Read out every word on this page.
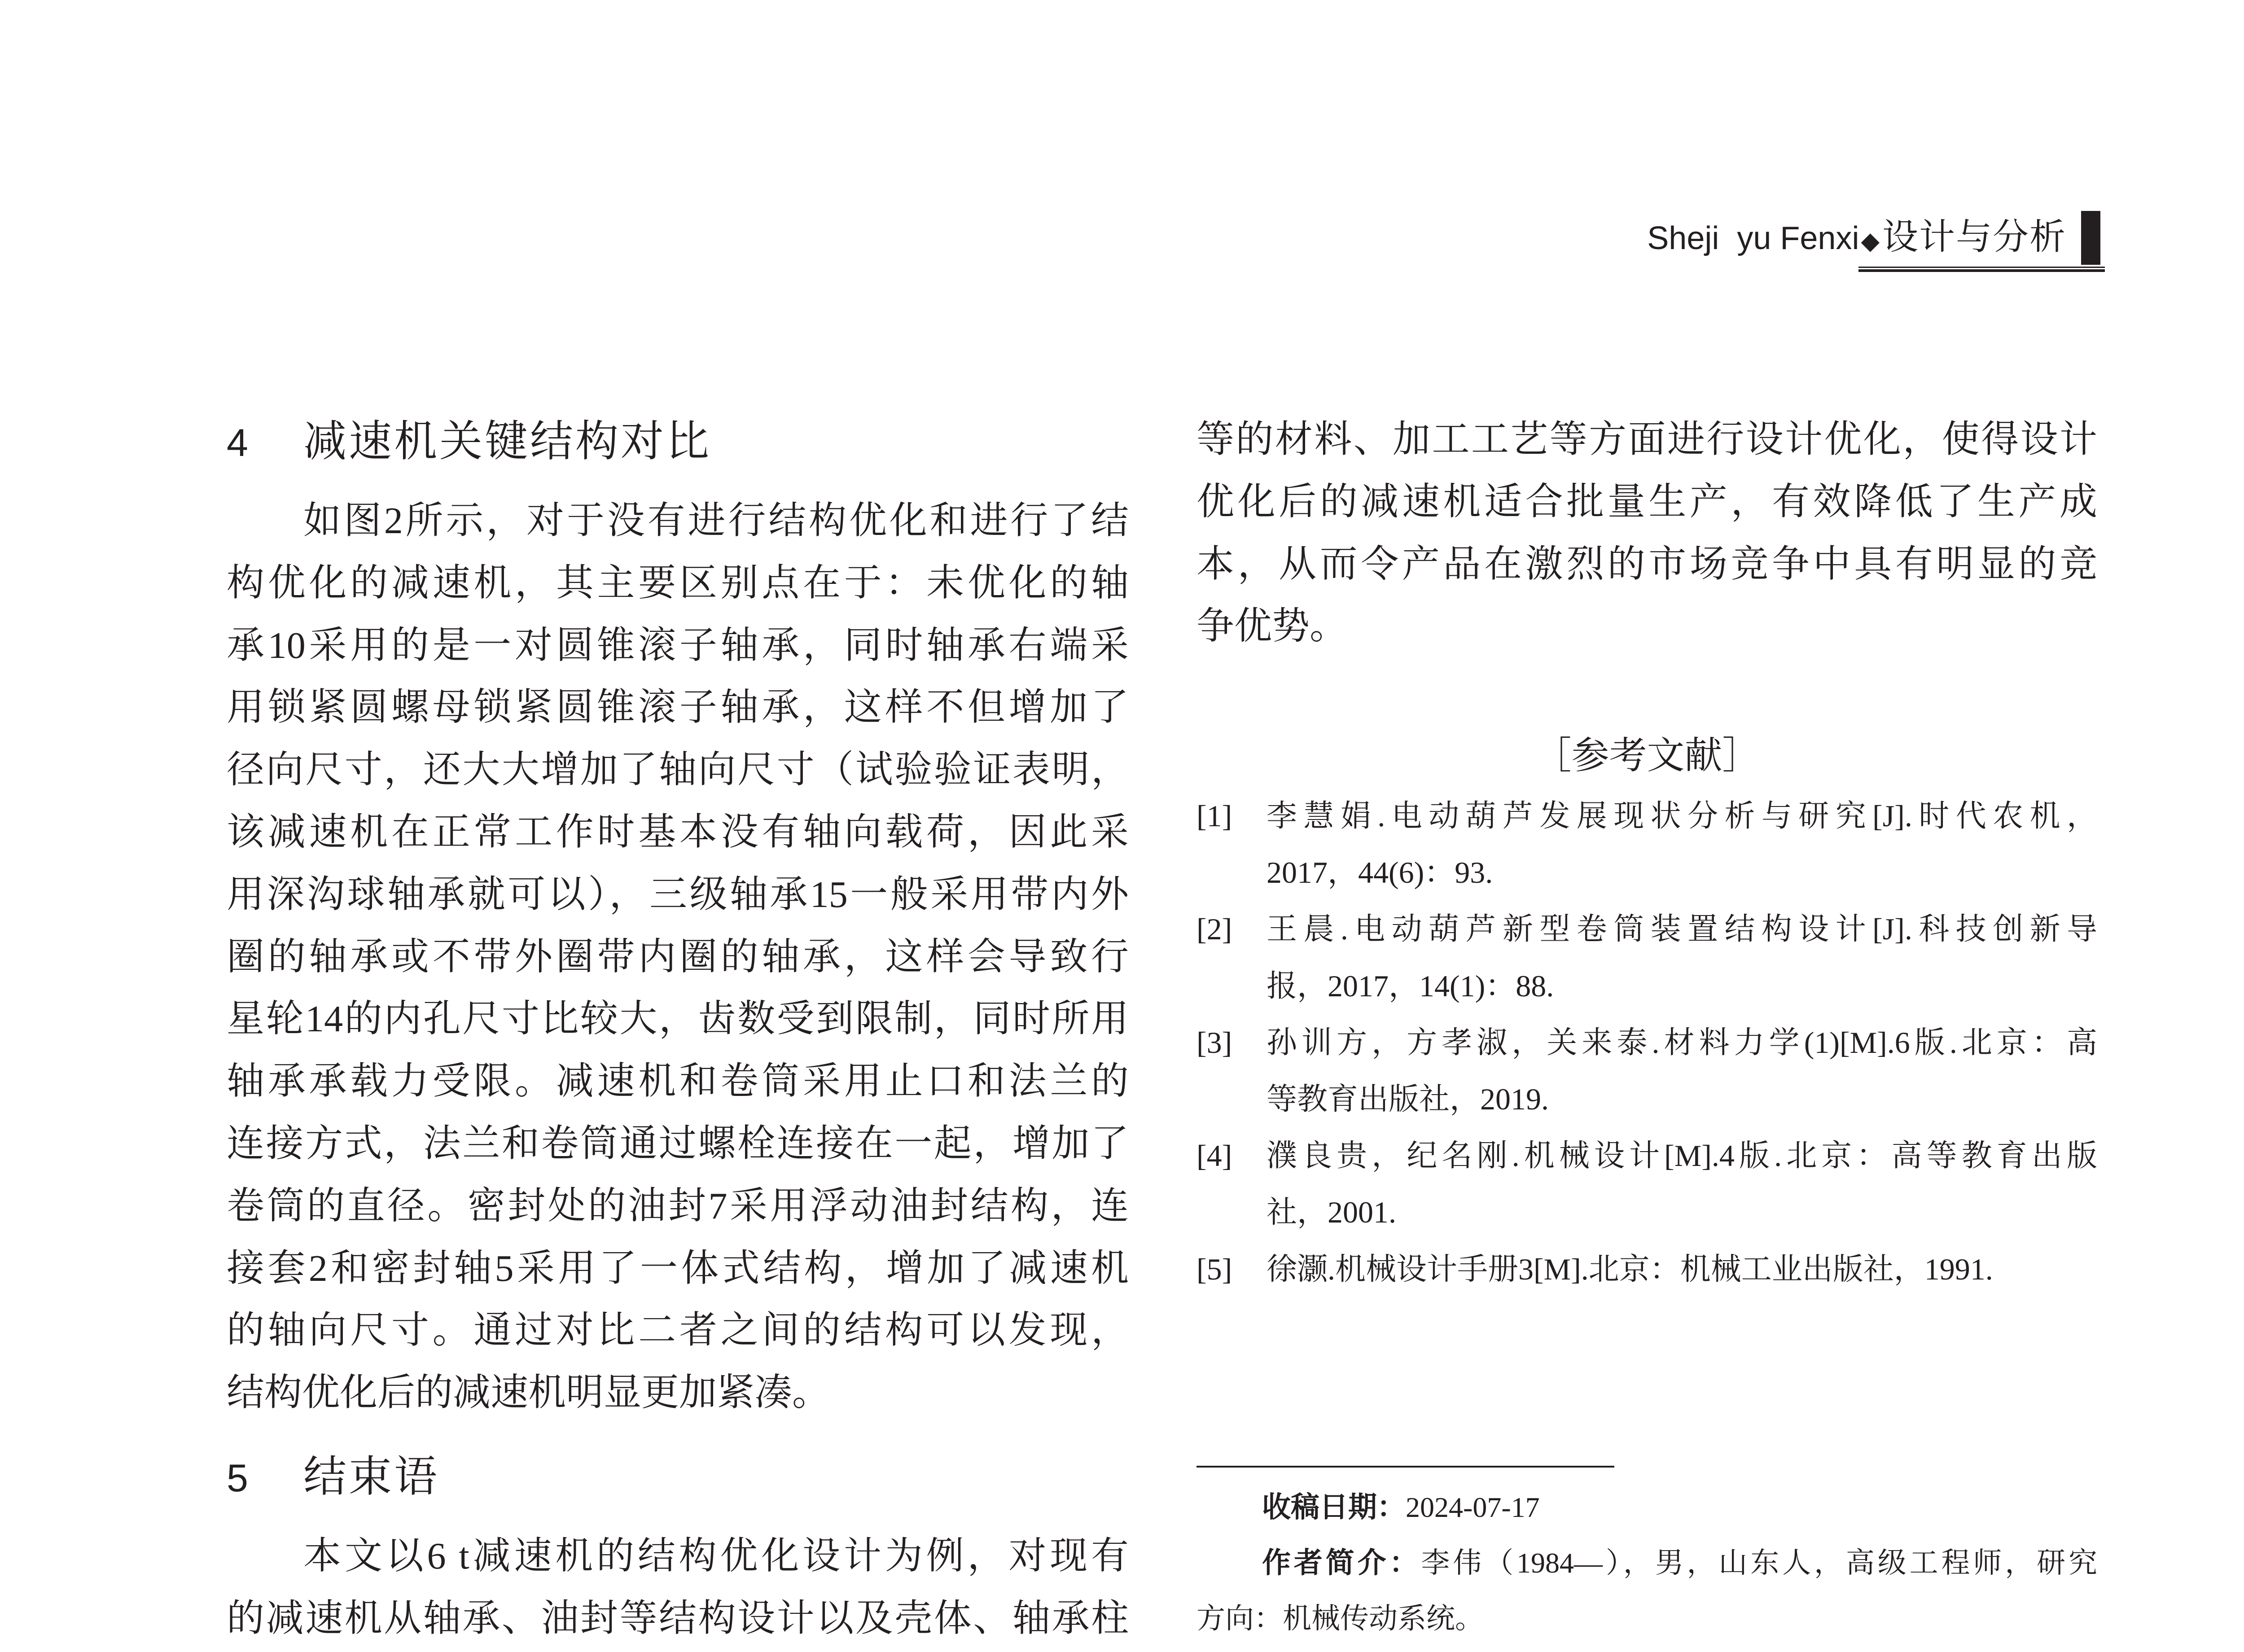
Sheji  yu Fenxi ◆ 设计与分析
4 减速机关键结构对比
如图2所示，对于没有进行结构优化和进行了结
构优化的减速机，其主要区别点在于：未优化的轴
承10采用的是一对圆锥滚子轴承，同时轴承右端采
用锁紧圆螺母锁紧圆锥滚子轴承，这样不但增加了
径向尺寸，还大大增加了轴向尺寸（试验验证表明，
该减速机在正常工作时基本没有轴向载荷，因此采
用深沟球轴承就可以），三级轴承15一般采用带内外
圈的轴承或不带外圈带内圈的轴承，这样会导致行
星轮14的内孔尺寸比较大，齿数受到限制，同时所用
轴承承载力受限。减速机和卷筒采用止口和法兰的
连接方式，法兰和卷筒通过螺栓连接在一起，增加了
卷筒的直径。密封处的油封7采用浮动油封结构，连
接套2和密封轴5采用了一体式结构，增加了减速机
的轴向尺寸。通过对比二者之间的结构可以发现，
结构优化后的减速机明显更加紧凑。
5 结束语
本文以6 t减速机的结构优化设计为例，对现有
的减速机从轴承、油封等结构设计以及壳体、轴承柱
等的材料、加工工艺等方面进行设计优化，使得设计
优化后的减速机适合批量生产，有效降低了生产成
本，从而令产品在激烈的市场竞争中具有明显的竞
争优势。
［参考文献］
[1] 李慧娟.电动葫芦发展现状分析与研究[J].时代农机，
2017，44(6)：93.
[2] 王晨.电动葫芦新型卷筒装置结构设计[J].科技创新导
报，2017，14(1)：88.
[3] 孙训方，方孝淑，关来泰.材料力学(1)[M].6版.北京：高
等教育出版社，2019.
[4] 濮良贵，纪名刚.机械设计[M].4版.北京：高等教育出版
社，2001.
[5] 徐灏.机械设计手册3[M].北京：机械工业出版社，1991.
收稿日期：2024-07-17
作者简介：李伟（1984—），男，山东人，高级工程师，研究
方向：机械传动系统。
